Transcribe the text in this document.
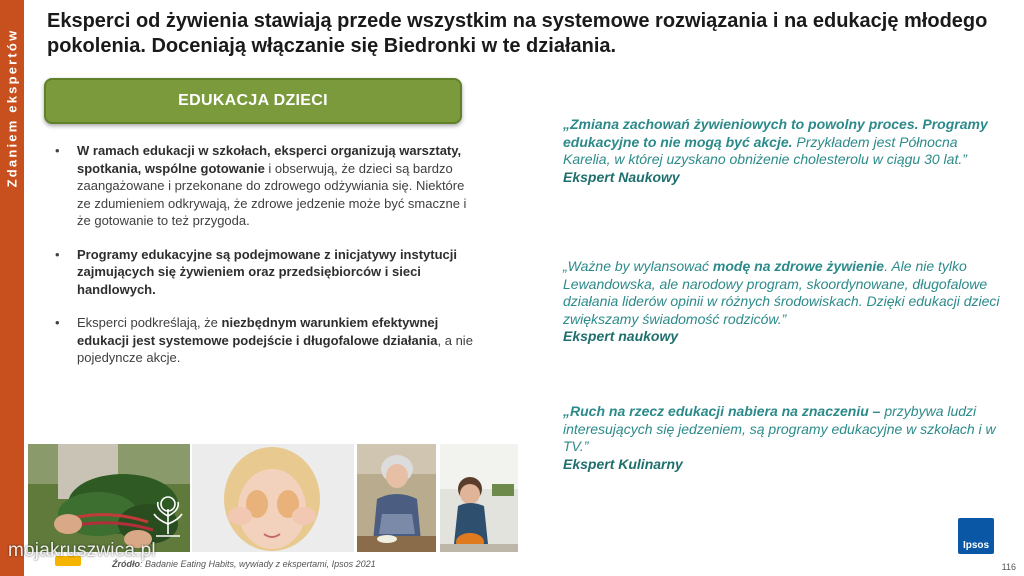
Zdaniem ekspertów
Eksperci od żywienia stawiają przede wszystkim na systemowe rozwiązania i na edukację młodego pokolenia. Doceniają włączanie się Biedronki w te działania.
EDUKACJA DZIECI
• W ramach edukacji w szkołach, eksperci organizują warsztaty, spotkania, wspólne gotowanie i obserwują, że dzieci są bardzo zaangażowane i przekonane do zdrowego odżywiania się. Niektóre ze zdumieniem odkrywają, że zdrowe jedzenie może być smaczne i że gotowanie to też przygoda.
• Programy edukacyjne są podejmowane z inicjatywy instytucji zajmujących się żywieniem oraz przedsiębiorców i sieci handlowych.
• Eksperci podkreślają, że niezbędnym warunkiem efektywnej edukacji jest systemowe podejście i długofalowe działania, a nie pojedyncze akcje.
„Zmiana zachowań żywieniowych to powolny proces. Programy edukacyjne to nie mogą być akcje. Przykładem jest Północna Karelia, w której uzyskano obniżenie cholesterolu w ciągu 30 lat.”
Ekspert Naukowy
„Ważne by wylansować modę na zdrowe żywienie. Ale nie tylko Lewandowska, ale narodowy program, skoordynowane, długofalowe działania liderów opinii w różnych środowiskach. Dzięki edukacji dzieci zwiększamy świadomość rodziców.”
Ekspert naukowy
„Ruch na rzecz edukacji nabiera na znaczeniu – przybywa ludzi interesujących się jedzeniem, są programy edukacyjne w szkołach i w TV.”
Ekspert Kulinarny
Źródło: Badanie Eating Habits, wywiady z ekspertami, Ipsos 2021
Ipsos
116
mojakruszwica.pl
